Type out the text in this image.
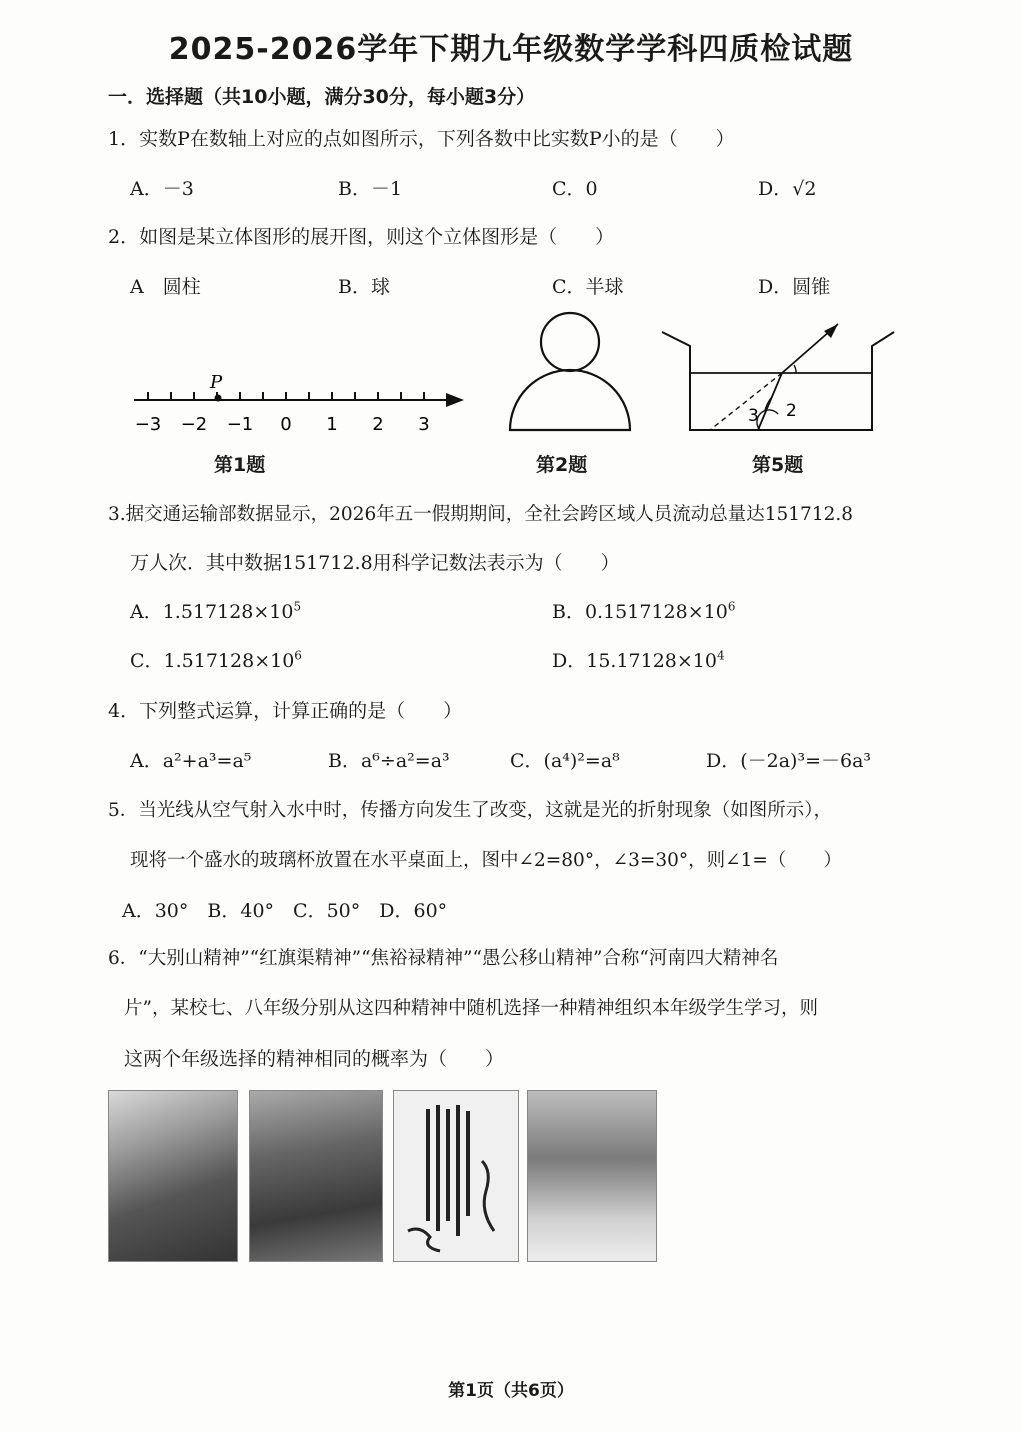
2025-2026学年下期九年级数学学科四质检试题
一．选择题（共10小题，满分30分，每小题3分）
1．实数P在数轴上对应的点如图所示，下列各数中比实数P小的是（　　）
A．－3	B．－1	C．0	D．√2
2．如图是某立体图形的展开图，则这个立体图形是（　　）
A　圆柱	B．球	C．半球	D．圆锥
P
−3 −2 −1 0 1 2 3
第1题	第2题
3 2
第5题
3.据交通运输部数据显示，2026年五一假期期间，全社会跨区域人员流动总量达151712.8
万人次．其中数据151712.8用科学记数法表示为（　　）
A．$1.517128\times 10^5$	B．$0.1517128\times 10^6$
C．$1.517128\times 10^6$	D．$15.17128\times 10^4$
4．下列整式运算，计算正确的是（　　）
A．a²+a³=a⁵	B．a⁶÷a²=a³	C．(a⁴)²=a⁸	D．(－2a)³=－6a³
5．当光线从空气射入水中时，传播方向发生了改变，这就是光的折射现象（如图所示），
现将一个盛水的玻璃杯放置在水平桌面上，图中∠2=80°，∠3=30°，则∠1=（　　）
A．30°　B．40°　C．50°　D．60°
6．“大别山精神”“红旗渠精神”“焦裕禄精神”“愚公移山精神”合称“河南四大精神名
片”，某校七、八年级分别从这四种精神中随机选择一种精神组织本年级学生学习，则
这两个年级选择的精神相同的概率为（　　）
第1页（共6页）
